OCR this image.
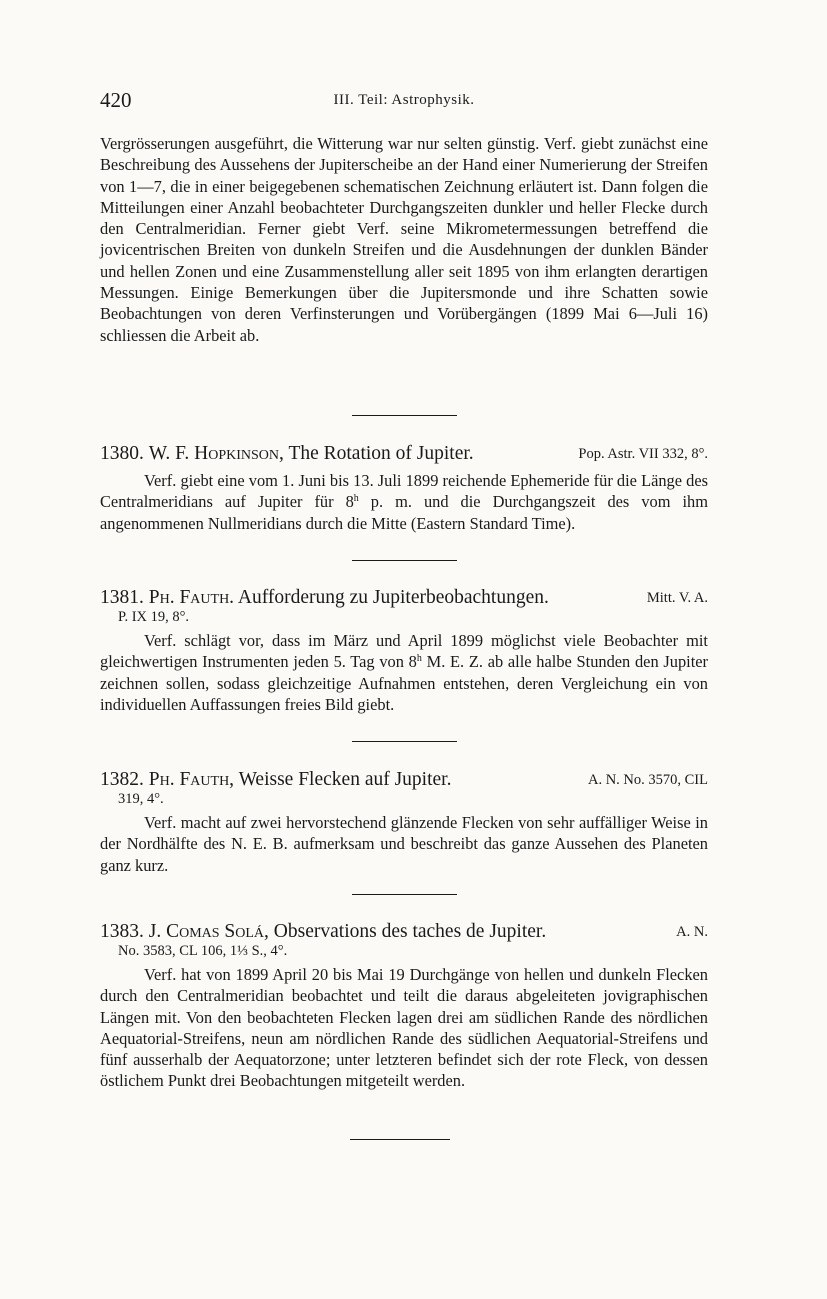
420	III. Teil: Astrophysik.
Vergrösserungen ausgeführt, die Witterung war nur selten günstig. Verf. giebt zunächst eine Beschreibung des Aussehens der Jupiterscheibe an der Hand einer Numerierung der Streifen von 1—7, die in einer beigegebenen schematischen Zeichnung erläutert ist. Dann folgen die Mitteilungen einer Anzahl beobachteter Durchgangszeiten dunkler und heller Flecke durch den Centralmeridian. Ferner giebt Verf. seine Mikrometermessungen betreffend die jovicentrischen Breiten von dunkeln Streifen und die Ausdehnungen der dunklen Bänder und hellen Zonen und eine Zusammenstellung aller seit 1895 von ihm erlangten derartigen Messungen. Einige Bemerkungen über die Jupitersmonde und ihre Schatten sowie Beobachtungen von deren Verfinsterungen und Vorübergängen (1899 Mai 6—Juli 16) schliessen die Arbeit ab.
1380. W. F. Hopkinson, The Rotation of Jupiter.	Pop. Astr. VII 332, 8°.
Verf. giebt eine vom 1. Juni bis 13. Juli 1899 reichende Ephemeride für die Länge des Centralmeridians auf Jupiter für 8$^h$ p. m. und die Durchgangszeit des vom ihm angenommenen Nullmeridians durch die Mitte (Eastern Standard Time).
1381. Ph. Fauth. Aufforderung zu Jupiterbeobachtungen.	Mitt. V. A.
P. IX 19, 8°.
Verf. schlägt vor, dass im März und April 1899 möglichst viele Beobachter mit gleichwertigen Instrumenten jeden 5. Tag von 8$^h$ M. E. Z. ab alle halbe Stunden den Jupiter zeichnen sollen, sodass gleichzeitige Aufnahmen entstehen, deren Vergleichung ein von individuellen Auffassungen freies Bild giebt.
1382. Ph. Fauth, Weisse Flecken auf Jupiter.	A. N. No. 3570, CIL
319, 4°.
Verf. macht auf zwei hervorstechend glänzende Flecken von sehr auffälliger Weise in der Nordhälfte des N. E. B. aufmerksam und beschreibt das ganze Aussehen des Planeten ganz kurz.
1383. J. Comas Solá, Observations des taches de Jupiter.	A. N.
No. 3583, CL 106, 1⅓ S., 4°.
Verf. hat von 1899 April 20 bis Mai 19 Durchgänge von hellen und dunkeln Flecken durch den Centralmeridian beobachtet und teilt die daraus abgeleiteten jovigraphischen Längen mit. Von den beobachteten Flecken lagen drei am südlichen Rande des nördlichen Aequatorial-Streifens, neun am nördlichen Rande des südlichen Aequatorial-Streifens und fünf ausserhalb der Aequatorzone; unter letzteren befindet sich der rote Fleck, von dessen östlichem Punkt drei Beobachtungen mitgeteilt werden.
